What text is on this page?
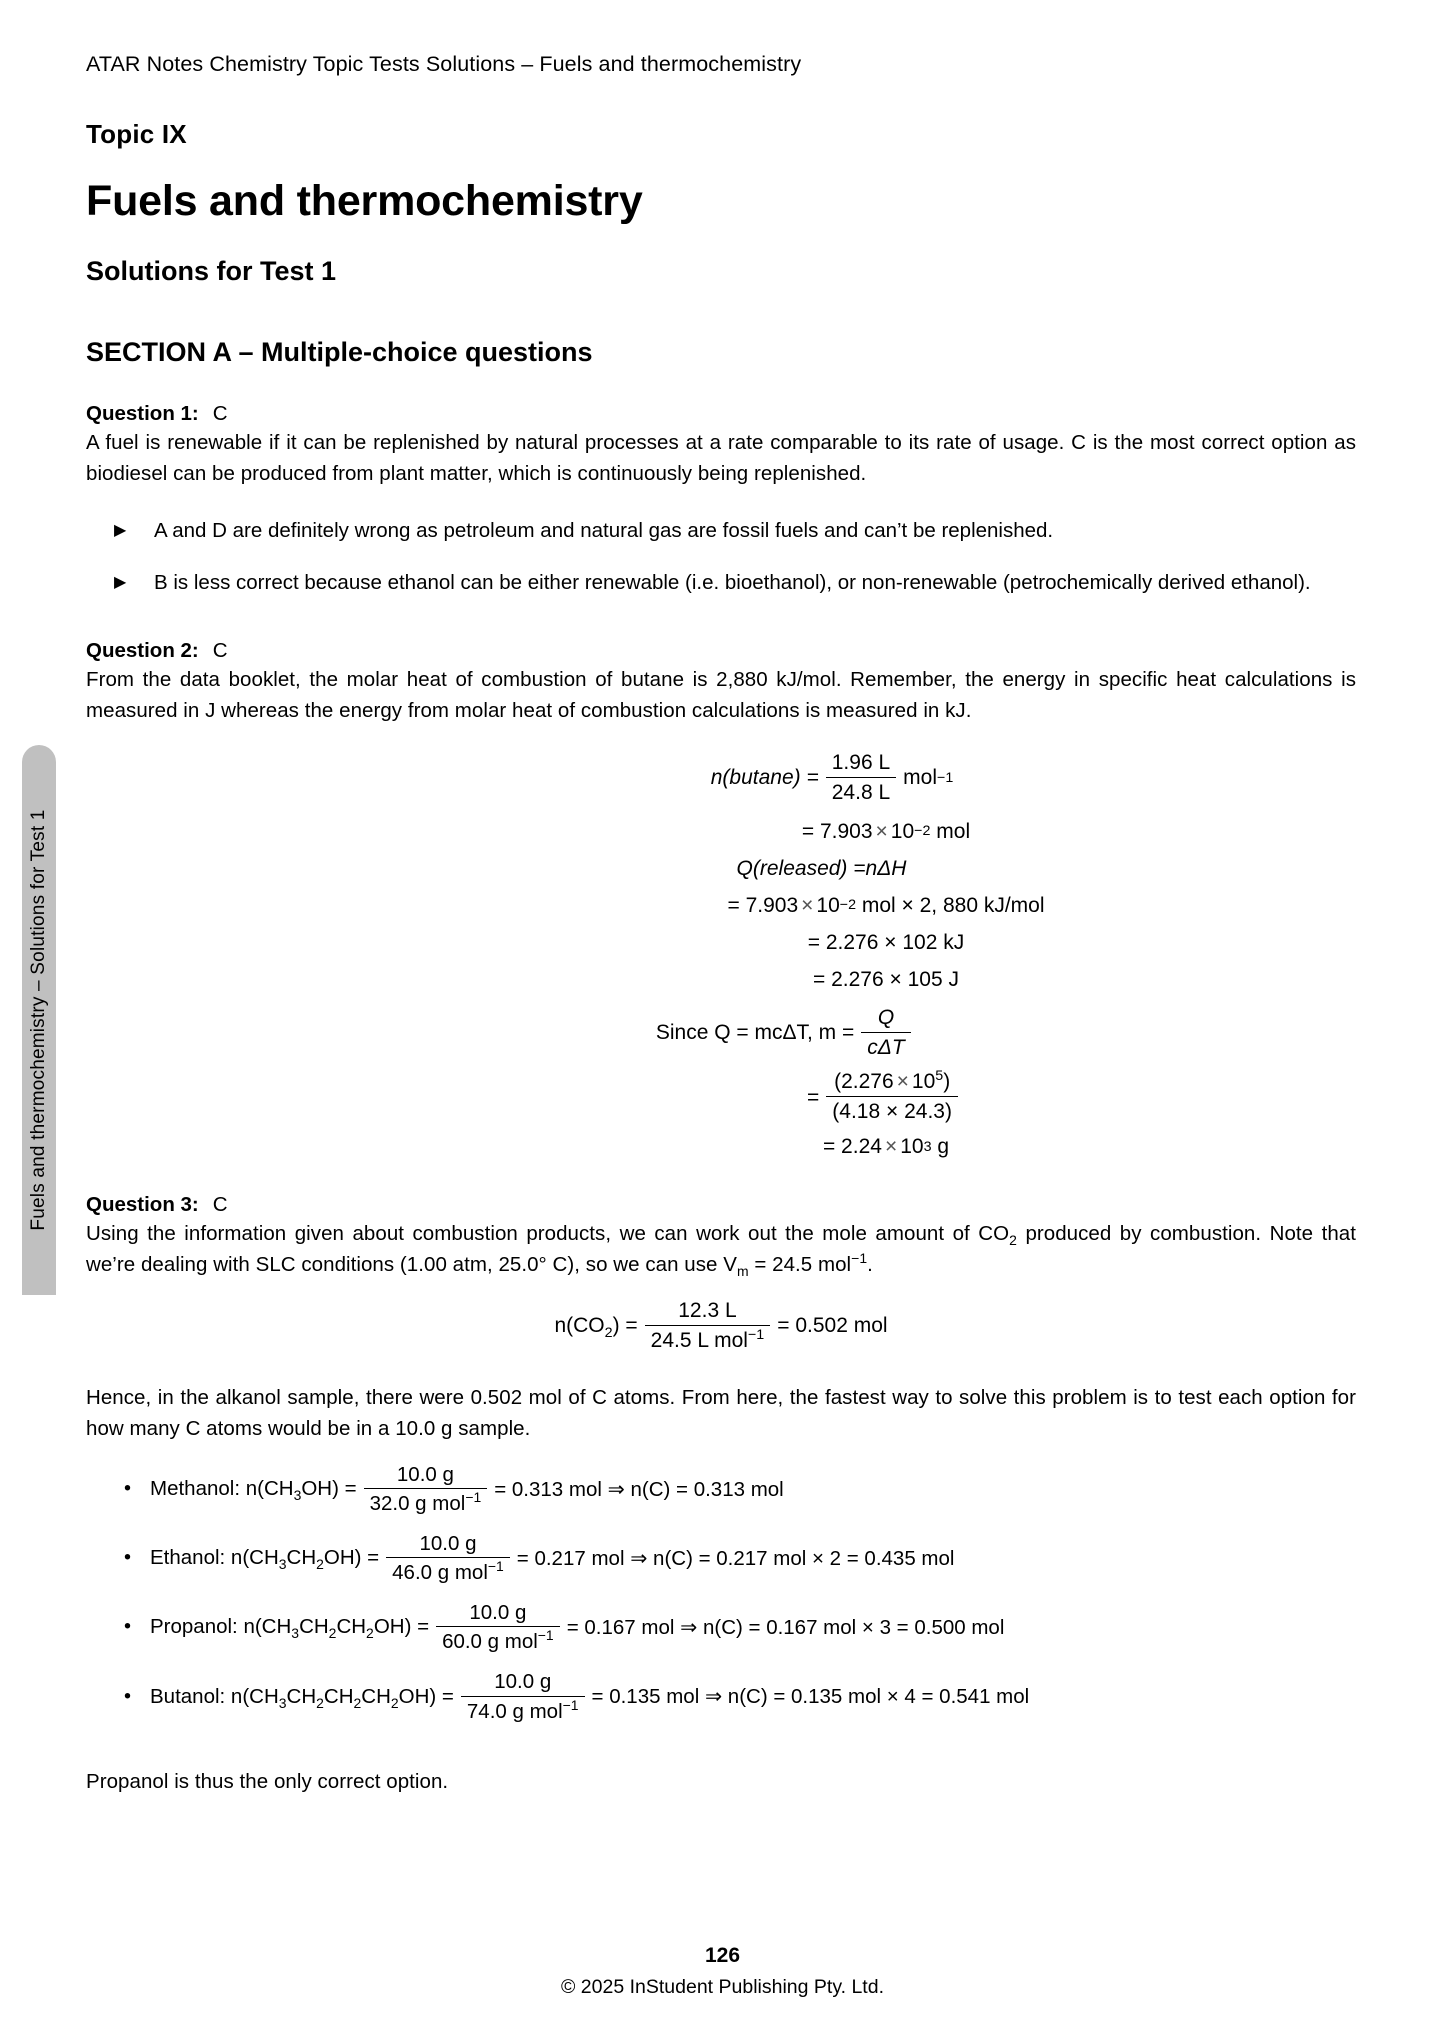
Fuels and thermochemistry – Solutions for Test 1
ATAR Notes Chemistry Topic Tests Solutions – Fuels and thermochemistry
Topic IX
Fuels and thermochemistry
Solutions for Test 1
SECTION A – Multiple-choice questions
Question 1: C

A fuel is renewable if it can be replenished by natural processes at a rate comparable to its rate of usage. C is the most correct option as biodiesel can be produced from plant matter, which is continuously being replenished.

▶ A and D are definitely wrong as petroleum and natural gas are fossil fuels and can’t be replenished.
▶ B is less correct because ethanol can be either renewable (i.e. bioethanol), or non-renewable (petrochemically derived ethanol).
Question 2: C

From the data booklet, the molar heat of combustion of butane is 2,880 kJ/mol. Remember, the energy in specific heat calculations is measured in J whereas the energy from molar heat of combustion calculations is measured in kJ.

$n(butane) = \frac{1.96 L}{24.8 L}$ mol −1
= 7.903 × 10 −2
mol
Q(released) = nΔH
= 7.903 × 10 −2
mol × 2, 880 kJ/mol
= 2.276 × 102 kJ
= 2.276 × 105 J
Since Q = mcΔT, $m = \frac{Q}{\text{cΔT}}$
= $\frac{(2.276 \times 10^5)}{(4.18 \times 24.3)}$
= 2.24 × 10 3
g
Question 3: C

Using the information given about combustion products, we can work out the mole amount of $CO_2$ produced by combustion. Note that we’re dealing with SLC conditions (1.00 atm, 25.0° C), so we can use $V_m = 24.5$ mol$^{-1}$.

$n(CO_2) = \frac{12.3 L}{24.5 L mol^{-1}} = 0.502$ mol

Hence, in the alkanol sample, there were 0.502 mol of C atoms. From here, the fastest way to solve this problem is to test each option for how many C atoms would be in a 10.0 g sample.

• Methanol: $n(CH_3OH) = \frac{10.0 g}{32.0 g mol^{-1}} = 0.313$ mol ⇒ n(C) = 0.313 mol
• Ethanol: $n(CH_3CH_2OH) = \frac{10.0 g}{46.0 g mol^{-1}} = 0.217$ mol ⇒ n(C) = 0.217 mol × 2 = 0.435 mol
• Propanol: $n(CH_3CH_2CH_2OH) = \frac{10.0 g}{60.0 g mol^{-1}} = 0.167$ mol ⇒ n(C) = 0.167 mol × 3 = 0.500 mol
• Butanol: $n(CH_3CH_2CH_2CH_2OH) = \frac{10.0 g}{74.0 g mol^{-1}} = 0.135$ mol ⇒ n(C) = 0.135 mol × 4 = 0.541 mol

Propanol is thus the only correct option.

126
© 2025 InStudent Publishing Pty. Ltd.
